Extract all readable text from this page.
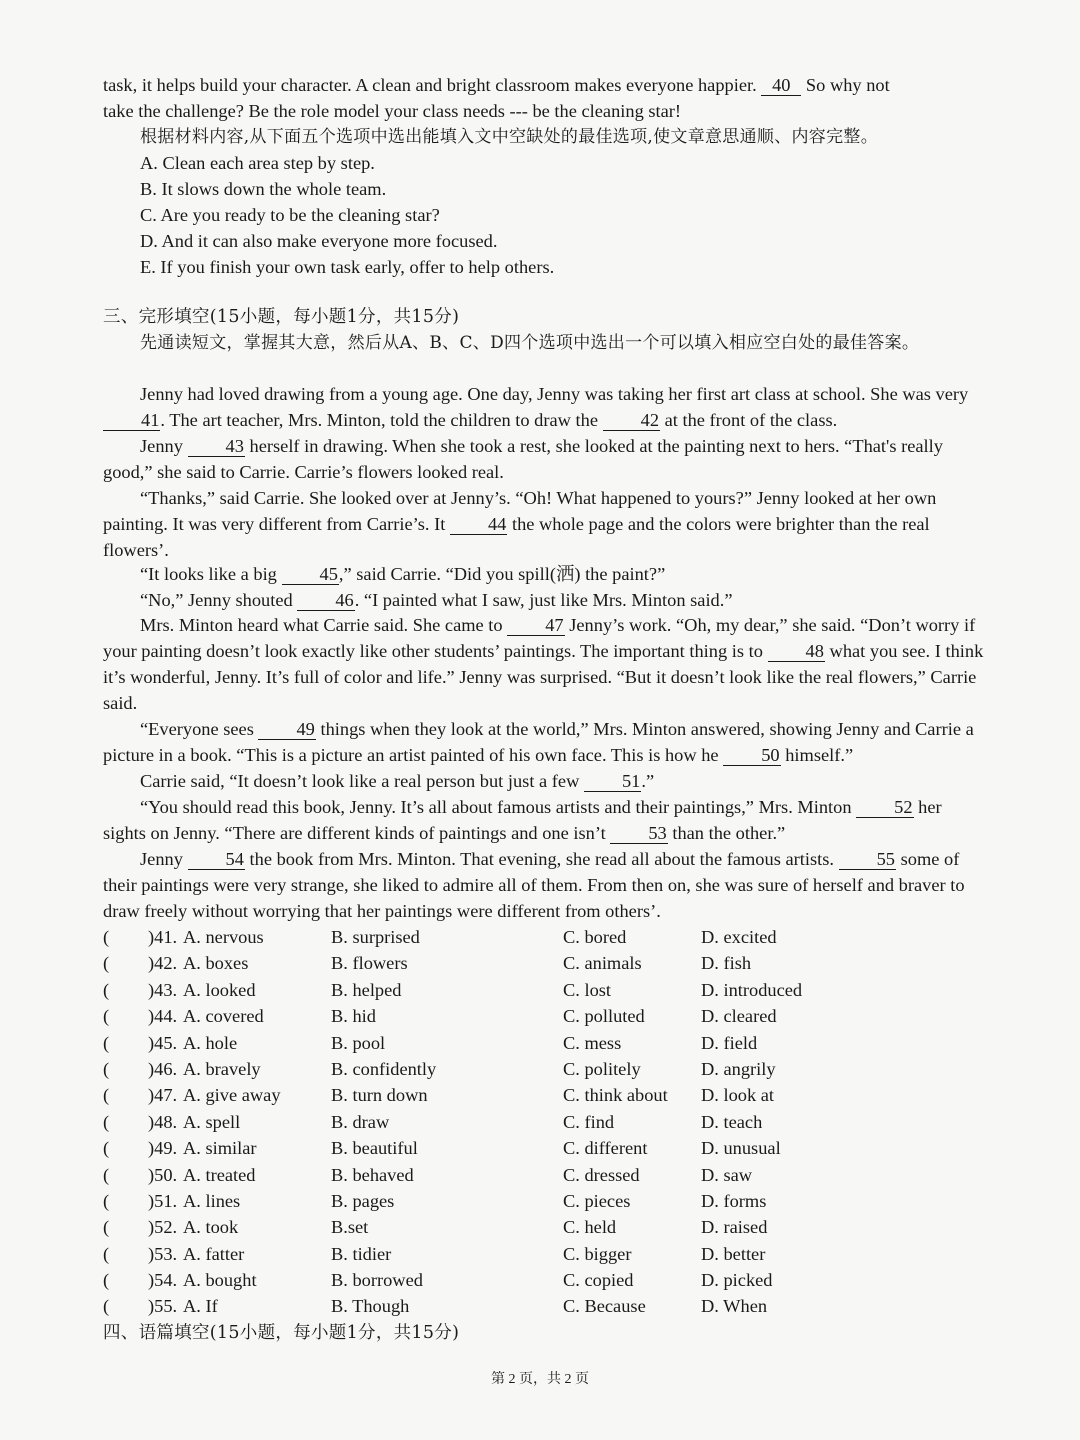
task, it helps build your character. A clean and bright classroom makes everyone happier. 40 So why not

take the challenge? Be the role model your class needs --- be the cleaning star!

根据材料内容,从下面五个选项中选出能填入文中空缺处的最佳选项,使文章意思通顺、内容完整。

A. Clean each area step by step.
B. It slows down the whole team.
C. Are you ready to be the cleaning star?
D. And it can also make everyone more focused.
E. If you finish your own task early, offer to help others.
三、完形填空(15小题，每小题1分，共15分)

先通读短文，掌握其大意，然后从A、B、C、D四个选项中选出一个可以填入相应空白处的最佳答案。

Jenny had loved drawing from a young age. One day, Jenny was taking her first art class at school. She was very 41. The art teacher, Mrs. Minton, told the children to draw the 42 at the front of the class.

Jenny 43 herself in drawing. When she took a rest, she looked at the painting next to hers. “That's really good,” she said to Carrie. Carrie’s flowers looked real.

“Thanks,” said Carrie. She looked over at Jenny’s. “Oh! What happened to yours?” Jenny looked at her own painting. It was very different from Carrie’s. It 44 the whole page and the colors were brighter than the real flowers’.

“It looks like a big 45,” said Carrie. “Did you spill(洒) the paint?”

“No,” Jenny shouted 46. “I painted what I saw, just like Mrs. Minton said.”

Mrs. Minton heard what Carrie said. She came to 47 Jenny’s work. “Oh, my dear,” she said. “Don’t worry if your painting doesn’t look exactly like other students’ paintings. The important thing is to 48 what you see. I think it’s wonderful, Jenny. It’s full of color and life.” Jenny was surprised. “But it doesn’t look like the real flowers,” Carrie said.

“Everyone sees 49 things when they look at the world,” Mrs. Minton answered, showing Jenny and Carrie a picture in a book. “This is a picture an artist painted of his own face. This is how he 50 himself.”

Carrie said, “It doesn’t look like a real person but just a few 51.”

“You should read this book, Jenny. It’s all about famous artists and their paintings,” Mrs. Minton 52 her sights on Jenny. “There are different kinds of paintings and one isn’t 53 than the other.”

Jenny 54 the book from Mrs. Minton. That evening, she read all about the famous artists. 55 some of their paintings were very strange, she liked to admire all of them. From then on, she was sure of herself and braver to draw freely without worrying that her paintings were different from others’.

( )41. A. nervous	B. surprised	C. bored	D. excited
( )42. A. boxes	B. flowers	C. animals	D. fish
( )43. A. looked	B. helped	C. lost	D. introduced
( )44. A. covered	B. hid	C. polluted	D. cleared
( )45. A. hole	B. pool	C. mess	D. field
( )46. A. bravely	B. confidently	C. politely	D. angrily
( )47. A. give away	B. turn down	C. think about D. look at
( )48. A. spell	B. draw	C. find	D. teach
( )49. A. similar	B. beautiful	C. different	D. unusual
( )50. A. treated	B. behaved	C. dressed	D. saw
( )51. A. lines	B. pages	C. pieces	D. forms
( )52. A. took	B.set	C. held	D. raised
( )53. A. fatter	B. tidier	C. bigger	D. better
( )54. A. bought	B. borrowed	C. copied	D. picked
( )55. A. If	B. Though	C. Because	D. When
四、语篇填空(15小题，每小题1分，共15分)
第 2 页，共 2 页
